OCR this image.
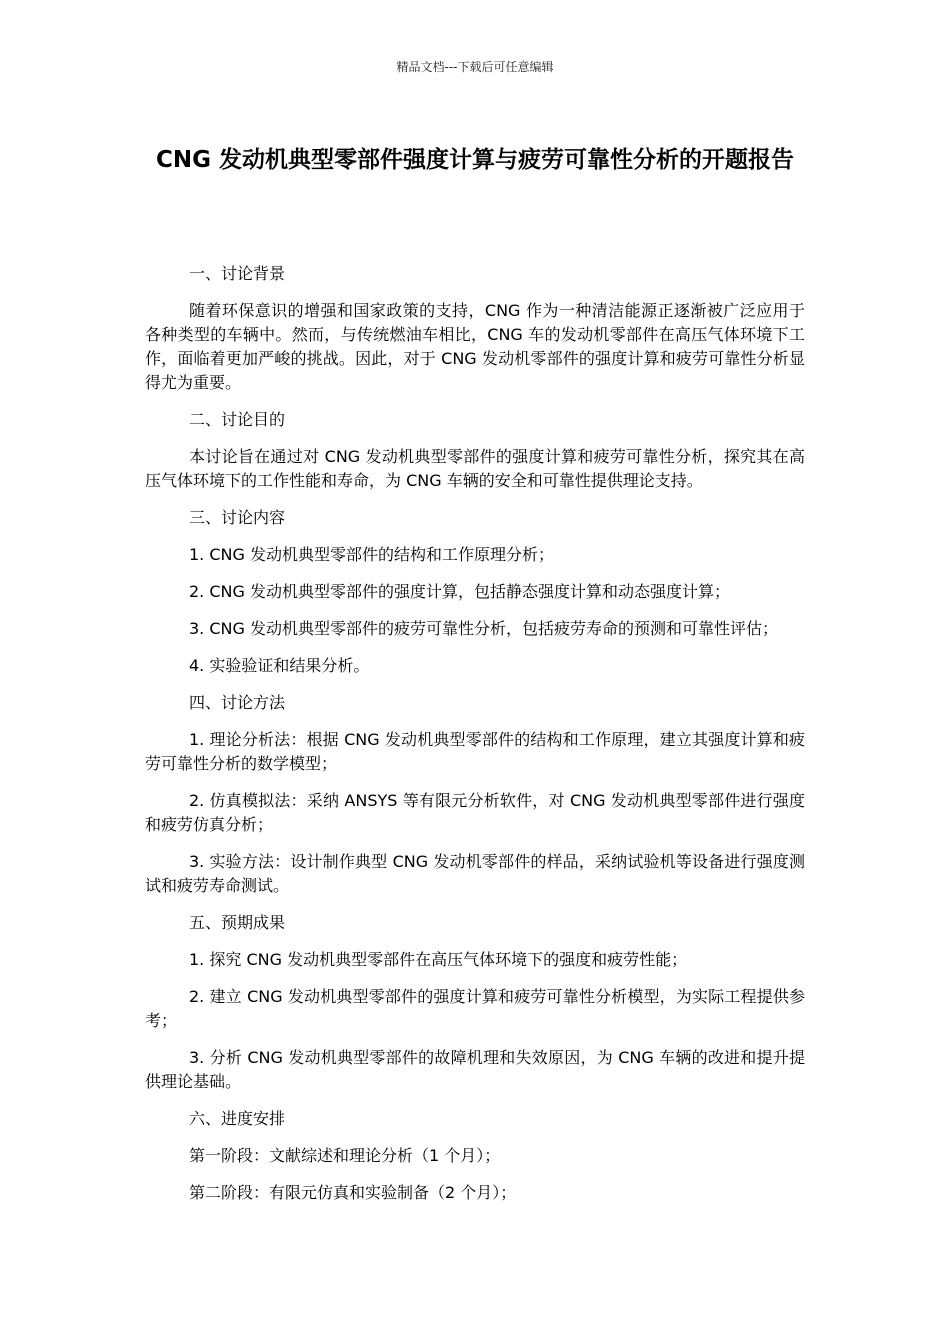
精品文档---下载后可任意编辑
CNG 发动机典型零部件强度计算与疲劳可靠性分析的开题报告

一、讨论背景

随着环保意识的增强和国家政策的支持，CNG 作为一种清洁能源正逐渐被广泛应用于各种类型的车辆中。然而，与传统燃油车相比，CNG 车的发动机零部件在高压气体环境下工作，面临着更加严峻的挑战。因此，对于 CNG 发动机零部件的强度计算和疲劳可靠性分析显得尤为重要。

二、讨论目的

本讨论旨在通过对 CNG 发动机典型零部件的强度计算和疲劳可靠性分析，探究其在高压气体环境下的工作性能和寿命，为 CNG 车辆的安全和可靠性提供理论支持。

三、讨论内容

1. CNG 发动机典型零部件的结构和工作原理分析；

2. CNG 发动机典型零部件的强度计算，包括静态强度计算和动态强度计算；

3. CNG 发动机典型零部件的疲劳可靠性分析，包括疲劳寿命的预测和可靠性评估；

4. 实验验证和结果分析。

四、讨论方法

1. 理论分析法：根据 CNG 发动机典型零部件的结构和工作原理，建立其强度计算和疲劳可靠性分析的数学模型；

2. 仿真模拟法：采纳 ANSYS 等有限元分析软件，对 CNG 发动机典型零部件进行强度和疲劳仿真分析；

3. 实验方法：设计制作典型 CNG 发动机零部件的样品，采纳试验机等设备进行强度测试和疲劳寿命测试。

五、预期成果

1. 探究 CNG 发动机典型零部件在高压气体环境下的强度和疲劳性能；

2. 建立 CNG 发动机典型零部件的强度计算和疲劳可靠性分析模型，为实际工程提供参考；

3. 分析 CNG 发动机典型零部件的故障机理和失效原因，为 CNG 车辆的改进和提升提供理论基础。

六、进度安排

第一阶段：文献综述和理论分析（1 个月）；

第二阶段：有限元仿真和实验制备（2 个月）；
